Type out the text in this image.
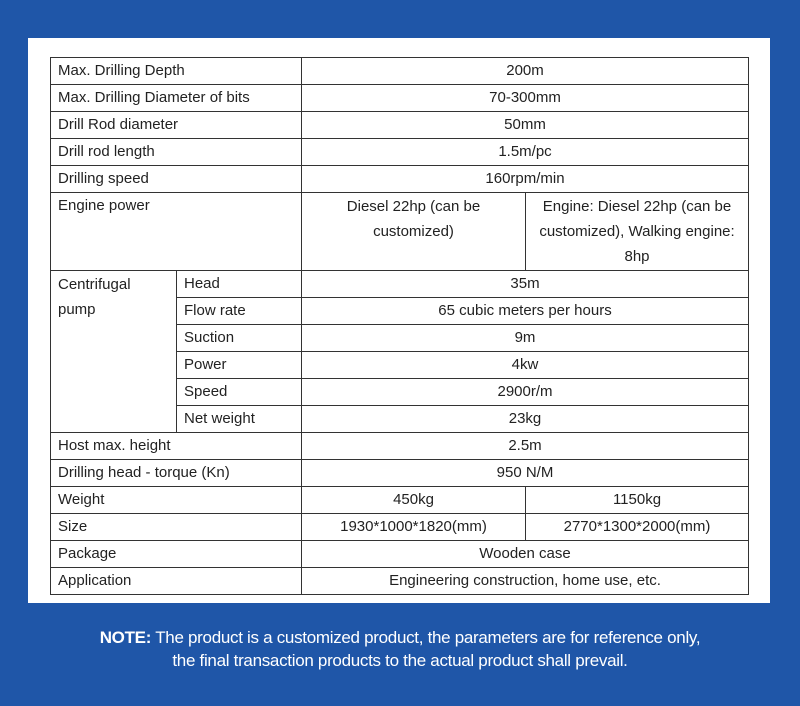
Max. Drilling Depth		200m	
Max. Drilling Diameter of bits		70-300mm	
Drill Rod diameter		50mm	
Drill rod length		1.5m/pc	
Drilling speed		160rpm/min	
Engine power		Diesel 22hp (can be customized)	Engine: Diesel 22hp (can be customized), Walking engine: 8hp
Centrifugal pump	Head	35m	
	Flow rate	65 cubic meters per hours	
	Suction	9m	
	Power	4kw	
	Speed	2900r/m	
	Net weight	23kg	
Host max. height		2.5m	
Drilling head - torque (Kn)		950 N/M	
Weight		450kg	1150kg
Size		1930*1000*1820(mm)	2770*1300*2000(mm)
Package		Wooden case	
Application		Engineering construction, home use, etc.	
NOTE: The product is a customized product, the parameters are for reference only,
the final transaction products to the actual product shall prevail.
